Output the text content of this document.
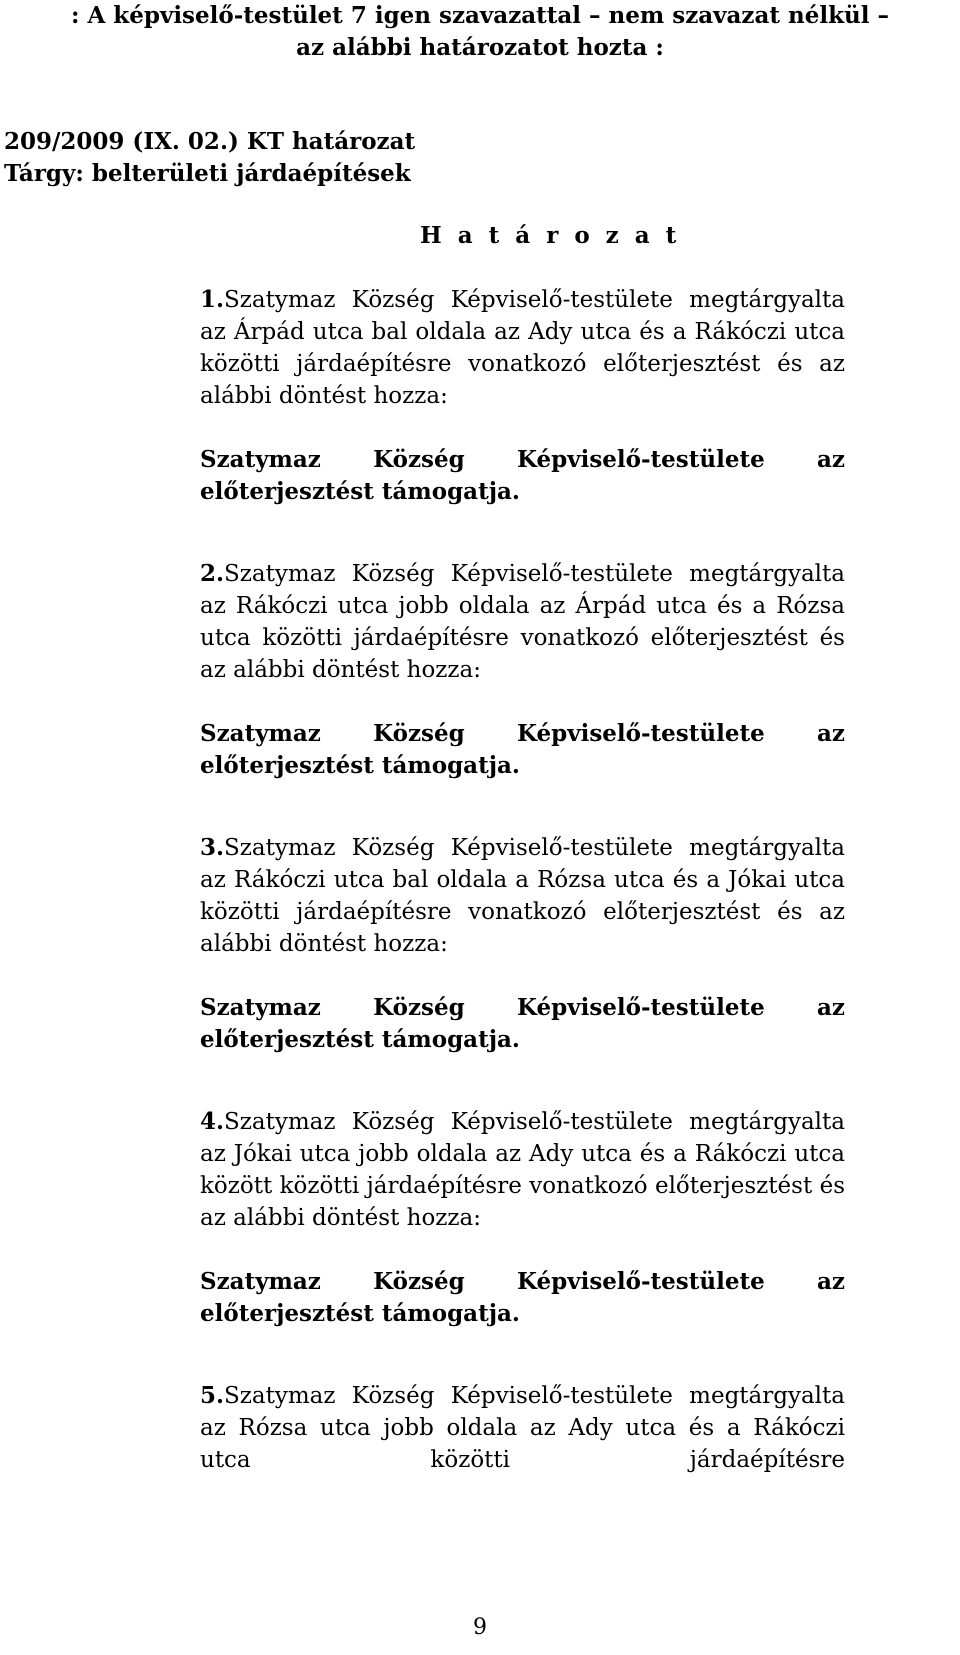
: A képviselő-testület 7 igen szavazattal – nem szavazat nélkül –
az alábbi határozatot hozta :
209/2009 (IX. 02.) KT határozat
Tárgy: belterületi járdaépítések
H a t á r o z a t

1.Szatymaz Község Képviselő-testülete megtárgyalta az Árpád utca bal oldala az Ady utca és a Rákóczi utca közötti járdaépítésre vonatkozó előterjesztést és az alábbi döntést hozza:

Szatymaz Község Képviselő-testülete az előterjesztést támogatja.

2.Szatymaz Község Képviselő-testülete megtárgyalta az Rákóczi utca jobb oldala az Árpád utca és a Rózsa utca közötti járdaépítésre vonatkozó előterjesztést és az alábbi döntést hozza:

Szatymaz Község Képviselő-testülete az előterjesztést támogatja.

3.Szatymaz Község Képviselő-testülete megtárgyalta az Rákóczi utca bal oldala a Rózsa utca és a Jókai utca közötti járdaépítésre vonatkozó előterjesztést és az alábbi döntést hozza:

Szatymaz Község Képviselő-testülete az előterjesztést támogatja.

4.Szatymaz Község Képviselő-testülete megtárgyalta az Jókai utca jobb oldala az Ady utca és a Rákóczi utca között közötti járdaépítésre vonatkozó előterjesztést és az alábbi döntést hozza:

Szatymaz Község Képviselő-testülete az előterjesztést támogatja.

5.Szatymaz Község Képviselő-testülete megtárgyalta az Rózsa utca jobb oldala az Ady utca és a Rákóczi utca közötti járdaépítésre

9
